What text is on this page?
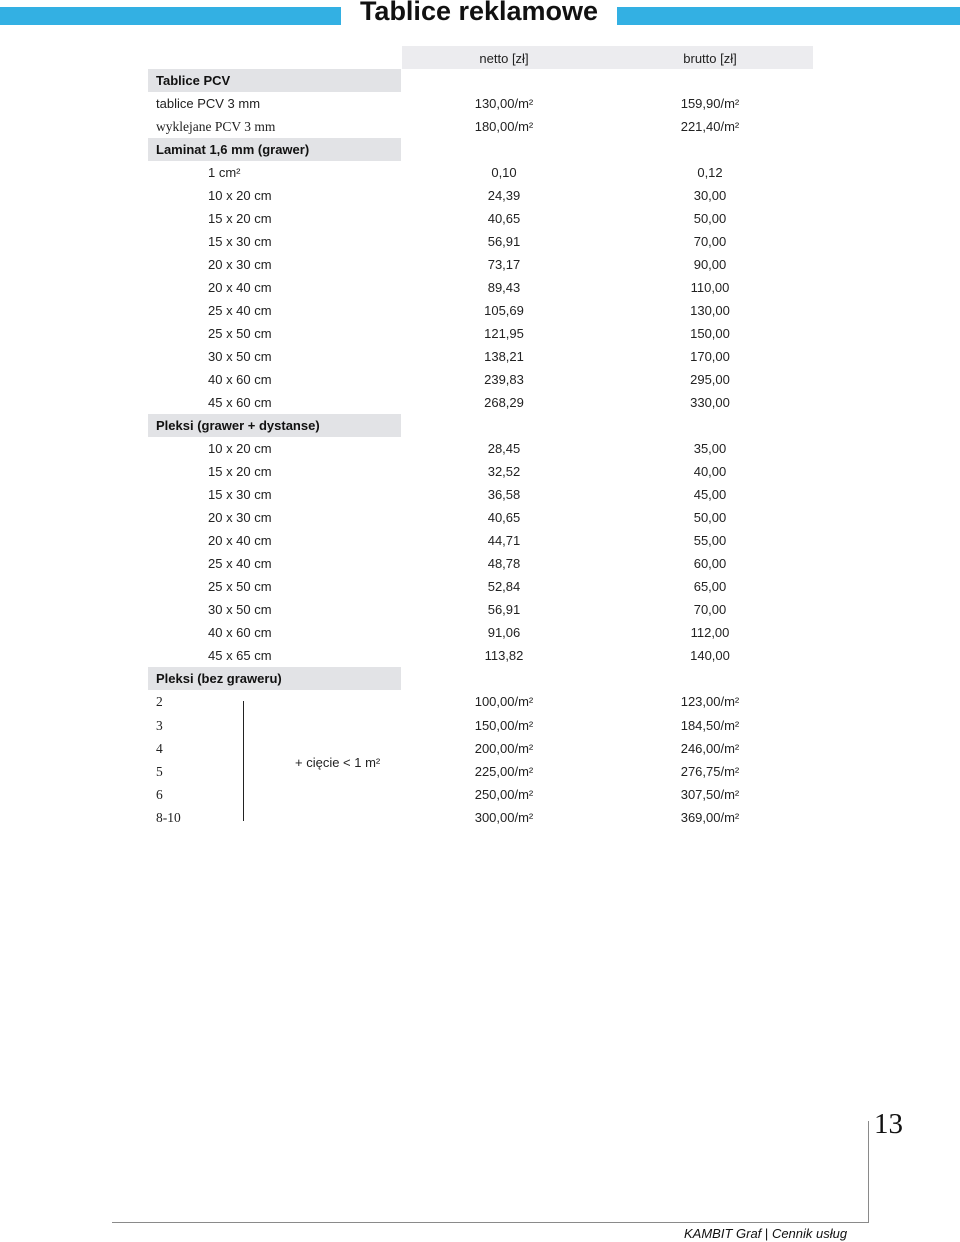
Tablice reklamowe
netto [zł]	brutto [zł]
Tablice PCV
tablice PCV 3 mm	130,00/m²	159,90/m²
wyklejane PCV 3 mm	180,00/m²	221,40/m²
Laminat 1,6 mm (grawer)
1 cm²	0,10	0,12
10 x 20 cm	24,39	30,00
15 x 20 cm	40,65	50,00
15 x 30 cm	56,91	70,00
20 x 30 cm	73,17	90,00
20 x 40 cm	89,43	110,00
25 x 40 cm	105,69	130,00
25 x 50 cm	121,95	150,00
30 x 50 cm	138,21	170,00
40 x 60 cm	239,83	295,00
45 x 60 cm	268,29	330,00
Pleksi (grawer + dystanse)
10 x 20 cm	28,45	35,00
15 x 20 cm	32,52	40,00
15 x 30 cm	36,58	45,00
20 x 30 cm	40,65	50,00
20 x 40 cm	44,71	55,00
25 x 40 cm	48,78	60,00
25 x 50 cm	52,84	65,00
30 x 50 cm	56,91	70,00
40 x 60 cm	91,06	112,00
45 x 65 cm	113,82	140,00
Pleksi (bez graweru)
2	100,00/m²	123,00/m²
3	150,00/m²	184,50/m²
4	200,00/m²	246,00/m²
5	225,00/m²	276,75/m²
6	250,00/m²	307,50/m²
8-10	300,00/m²	369,00/m²
+ cięcie < 1 m²
13
KAMBIT Graf | Cennik usług
